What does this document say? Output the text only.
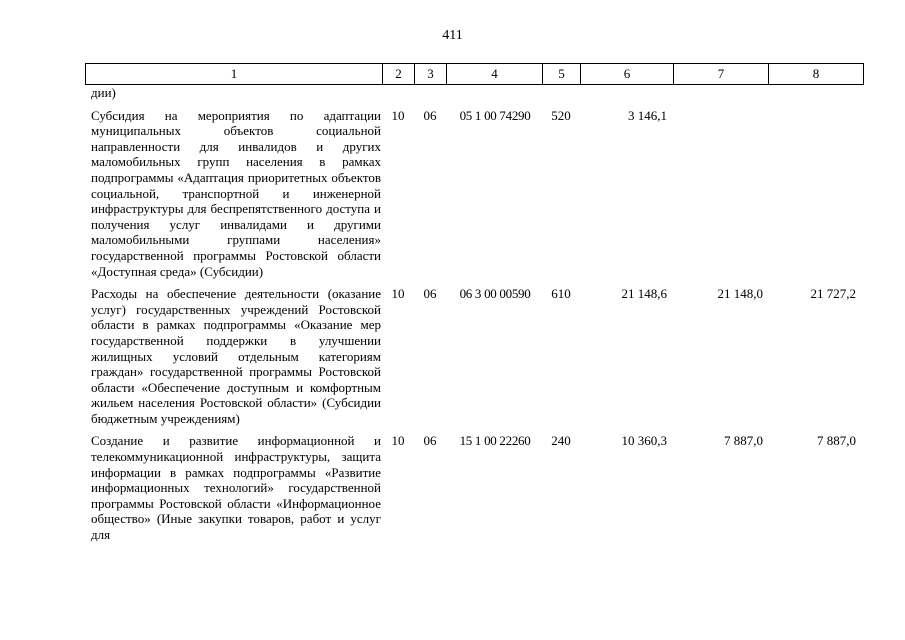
411
1	2	3	4	5	6	7	8
дии)
Субсидия на мероприятия по адаптации муниципальных объектов социальной направленности для инвалидов и других маломобильных групп населения в рамках подпрограммы «Адаптация приоритетных объектов социальной, транспортной и инженерной инфраструктуры для беспрепятственного доступа и получения услуг инвалидами и другими маломобильными группами населения» государственной программы Ростовской области «Доступная среда» (Субсидии)
10	06	05 1 00 74290	520	3 146,1
Расходы на обеспечение деятельности (оказание услуг) государственных учреждений Ростовской области в рамках подпрограммы «Оказание мер государственной поддержки в улучшении жилищных условий отдельным категориям граждан» государственной программы Ростовской области «Обеспечение доступным и комфортным жильем населения Ростовской области» (Субсидии бюджетным учреждениям)
10	06	06 3 00 00590	610	21 148,6	21 148,0	21 727,2
Создание и развитие информационной и телекоммуникационной инфраструктуры, защита информации в рамках подпрограммы «Развитие информационных технологий» государственной программы Ростовской области «Информационное общество» (Иные закупки товаров, работ и услуг для
10	06	15 1 00 22260	240	10 360,3	7 887,0	7 887,0
